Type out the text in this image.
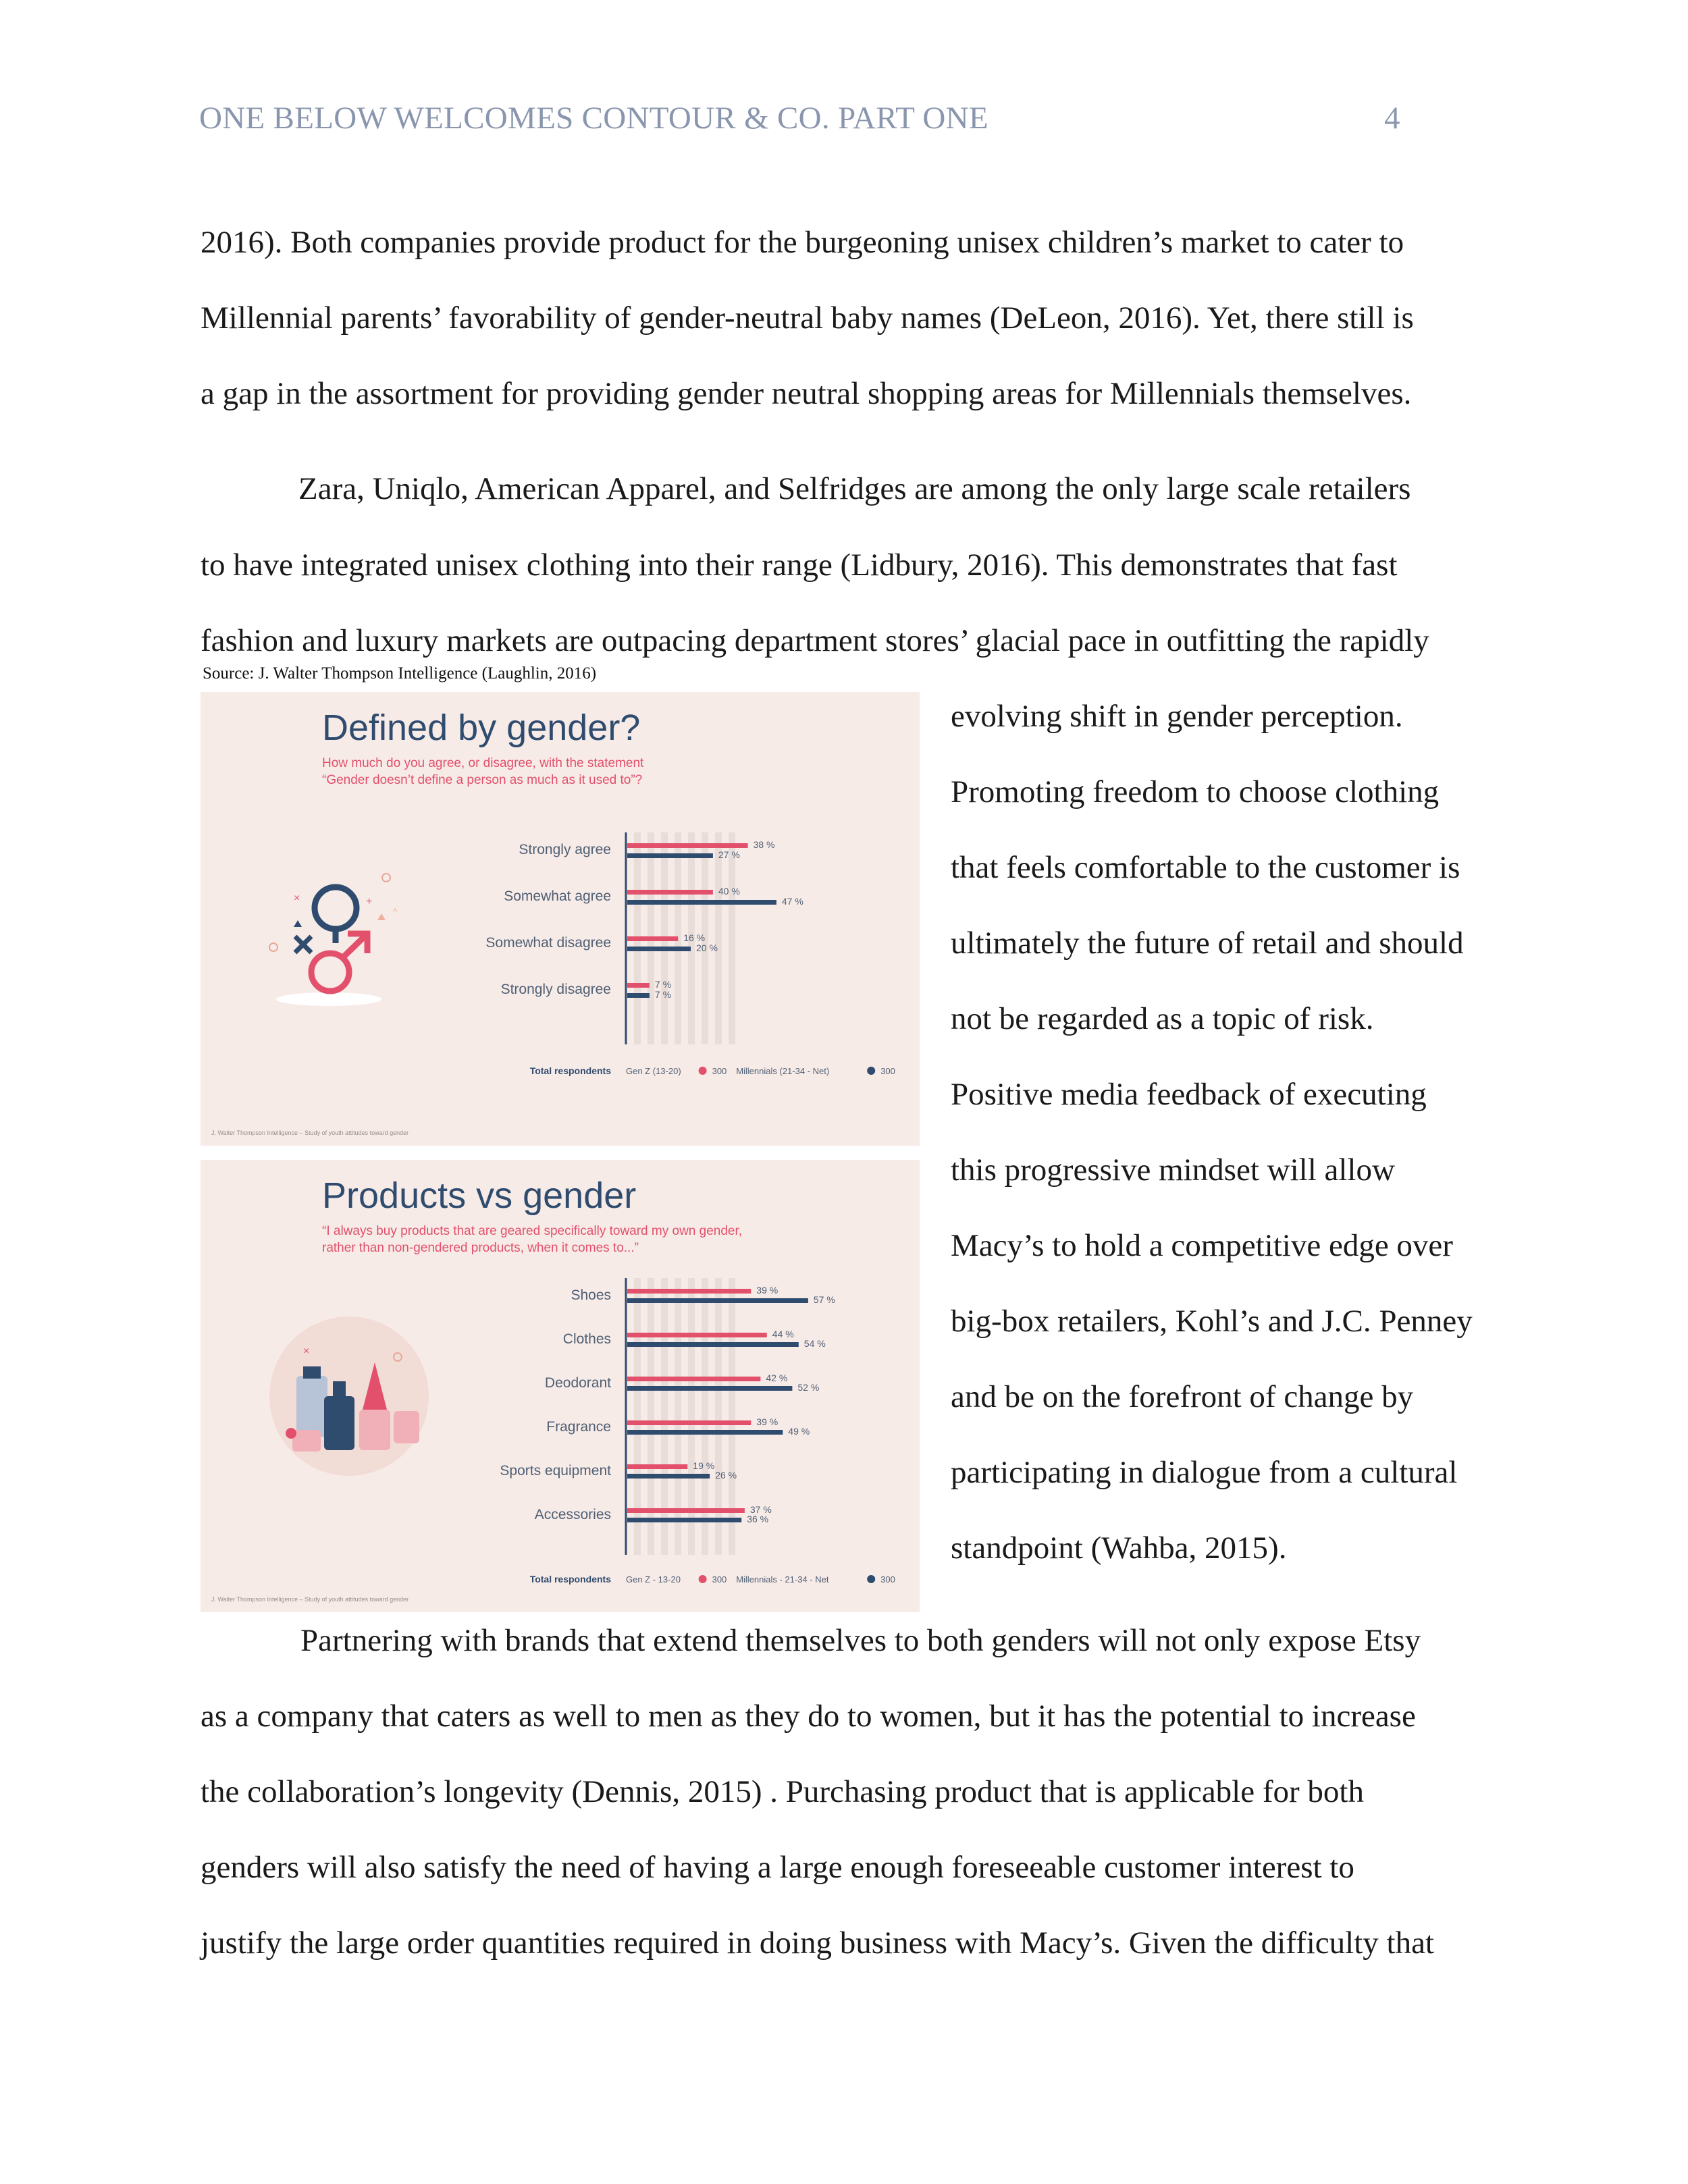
ONE BELOW WELCOMES CONTOUR & CO. PART ONE	4
2016). Both companies provide product for the burgeoning unisex children’s market to cater to
Millennial parents’ favorability of gender-neutral baby names (DeLeon, 2016). Yet, there still is
a gap in the assortment for providing gender neutral shopping areas for Millennials themselves.
Zara, Uniqlo, American Apparel, and Selfridges are among the only large scale retailers
to have integrated unisex clothing into their range (Lidbury, 2016). This demonstrates that fast
fashion and luxury markets are outpacing department stores’ glacial pace in outfitting the rapidly
Source: J. Walter Thompson Intelligence (Laughlin, 2016)
evolving shift in gender perception.
Promoting freedom to choose clothing
that feels comfortable to the customer is
ultimately the future of retail and should
not be regarded as a topic of risk.
Positive media feedback of executing
this progressive mindset will allow
Macy’s to hold a competitive edge over
big-box retailers, Kohl’s and J.C. Penney
and be on the forefront of change by
participating in dialogue from a cultural
standpoint (Wahba, 2015).
Partnering with brands that extend themselves to both genders will not only expose Etsy
as a company that caters as well to men as they do to women, but it has the potential to increase
the collaboration’s longevity (Dennis, 2015) . Purchasing product that is applicable for both
genders will also satisfy the need of having a large enough foreseeable customer interest to
justify the large order quantities required in doing business with Macy’s. Given the difficulty that
Defined by gender?
How much do you agree, or disagree, with the statement
“Gender doesn’t define a person as much as it used to”?
×	+
^
Strongly agree	38 %
27 %
Somewhat agree	40 %
47 %
Somewhat disagree	16 %
20 %
Strongly disagree	7 %
7 %
Total respondents Gen Z (13-20)	300 Millennials (21-34 - Net)	300
J. Walter Thompson Intelligence – Study of youth attitudes toward gender
Products vs gender
“I always buy products that are geared specifically toward my own gender,
rather than non-gendered products, when it comes to...”
×
Shoes	39 %
57 %
Clothes	44 %
54 %
Deodorant	42 %
52 %
Fragrance	39 %
49 %
Sports equipment	19 %
26 %
Accessories	37 %
36 %
Total respondents Gen Z - 13-20	300 Millennials - 21-34 - Net	300
J. Walter Thompson Intelligence – Study of youth attitudes toward gender
